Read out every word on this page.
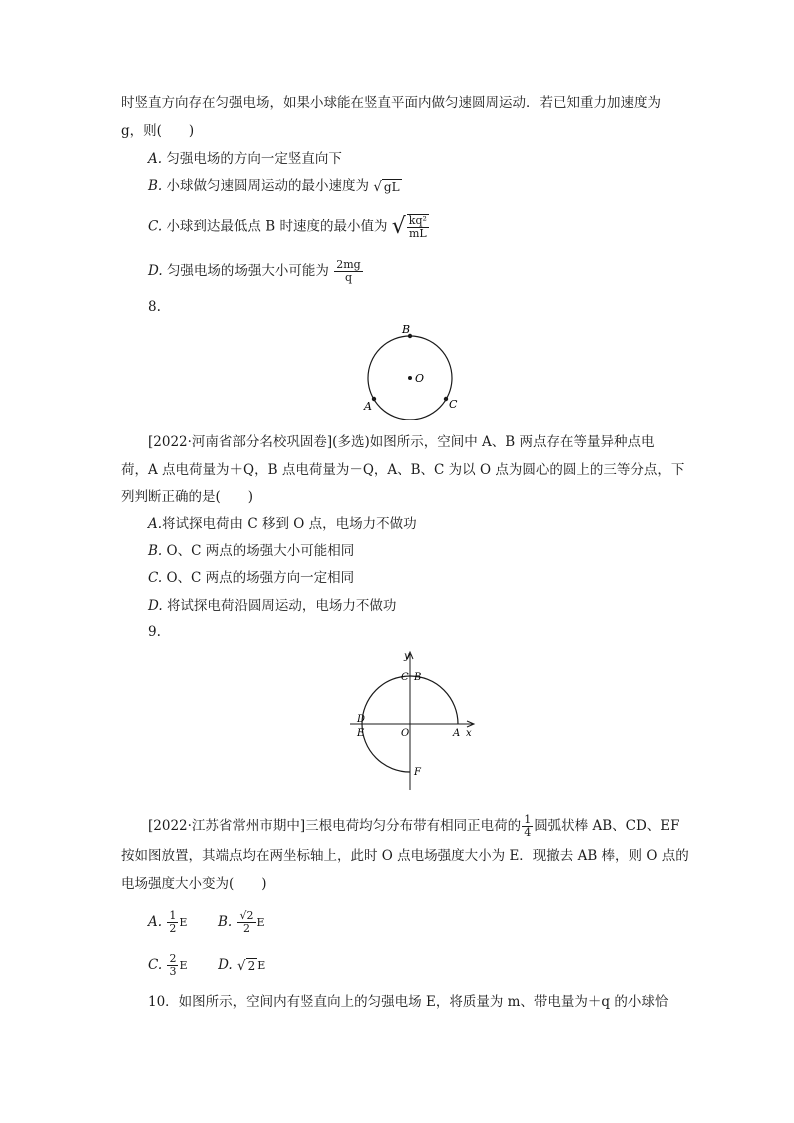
时竖直方向存在匀强电场，如果小球能在竖直平面内做匀速圆周运动．若已知重力加速度为
g，则(　　)
A. 匀强电场的方向一定竖直向下
B. 小球做匀速圆周运动的最小速度为 √ gL
C. 小球到达最低点 B 时速度的最小值为 √ $\frac{\text{kq²}}{mL}$
D. 匀强电场的场强大小可能为 $\frac{2mg}{q}$
8.
B
O
A	C
[2022·河南省部分名校巩固卷](多选)如图所示，空间中 A、B 两点存在等量异种点电
荷，A 点电荷量为＋Q，B 点电荷量为－Q，A、B、C 为以 O 点为圆心的圆上的三等分点，下
列判断正确的是(　　)
A.将试探电荷由 C 移到 O 点，电场力不做功
B. O、C 两点的场强大小可能相同
C. O、C 两点的场强方向一定相同
D. 将试探电荷沿圆周运动，电场力不做功
9.
y
x
C B
D
E	O	A
F
[2022·江苏省常州市期中]三根电荷均匀分布带有相同正电荷的 $\frac{1}{4}$ 圆弧状棒 AB、CD、EF
按如图放置，其端点均在两坐标轴上，此时 O 点电场强度大小为 E．现撤去 AB 棒，则 O 点的
电场强度大小变为(　　)
A. $\frac{1}{2}$ E B. $\frac{√2}{2}$ E
C. $\frac{2}{3}$ E D. √ 2 E
10．如图所示，空间内有竖直向上的匀强电场 E，将质量为 m、带电量为＋q 的小球恰
